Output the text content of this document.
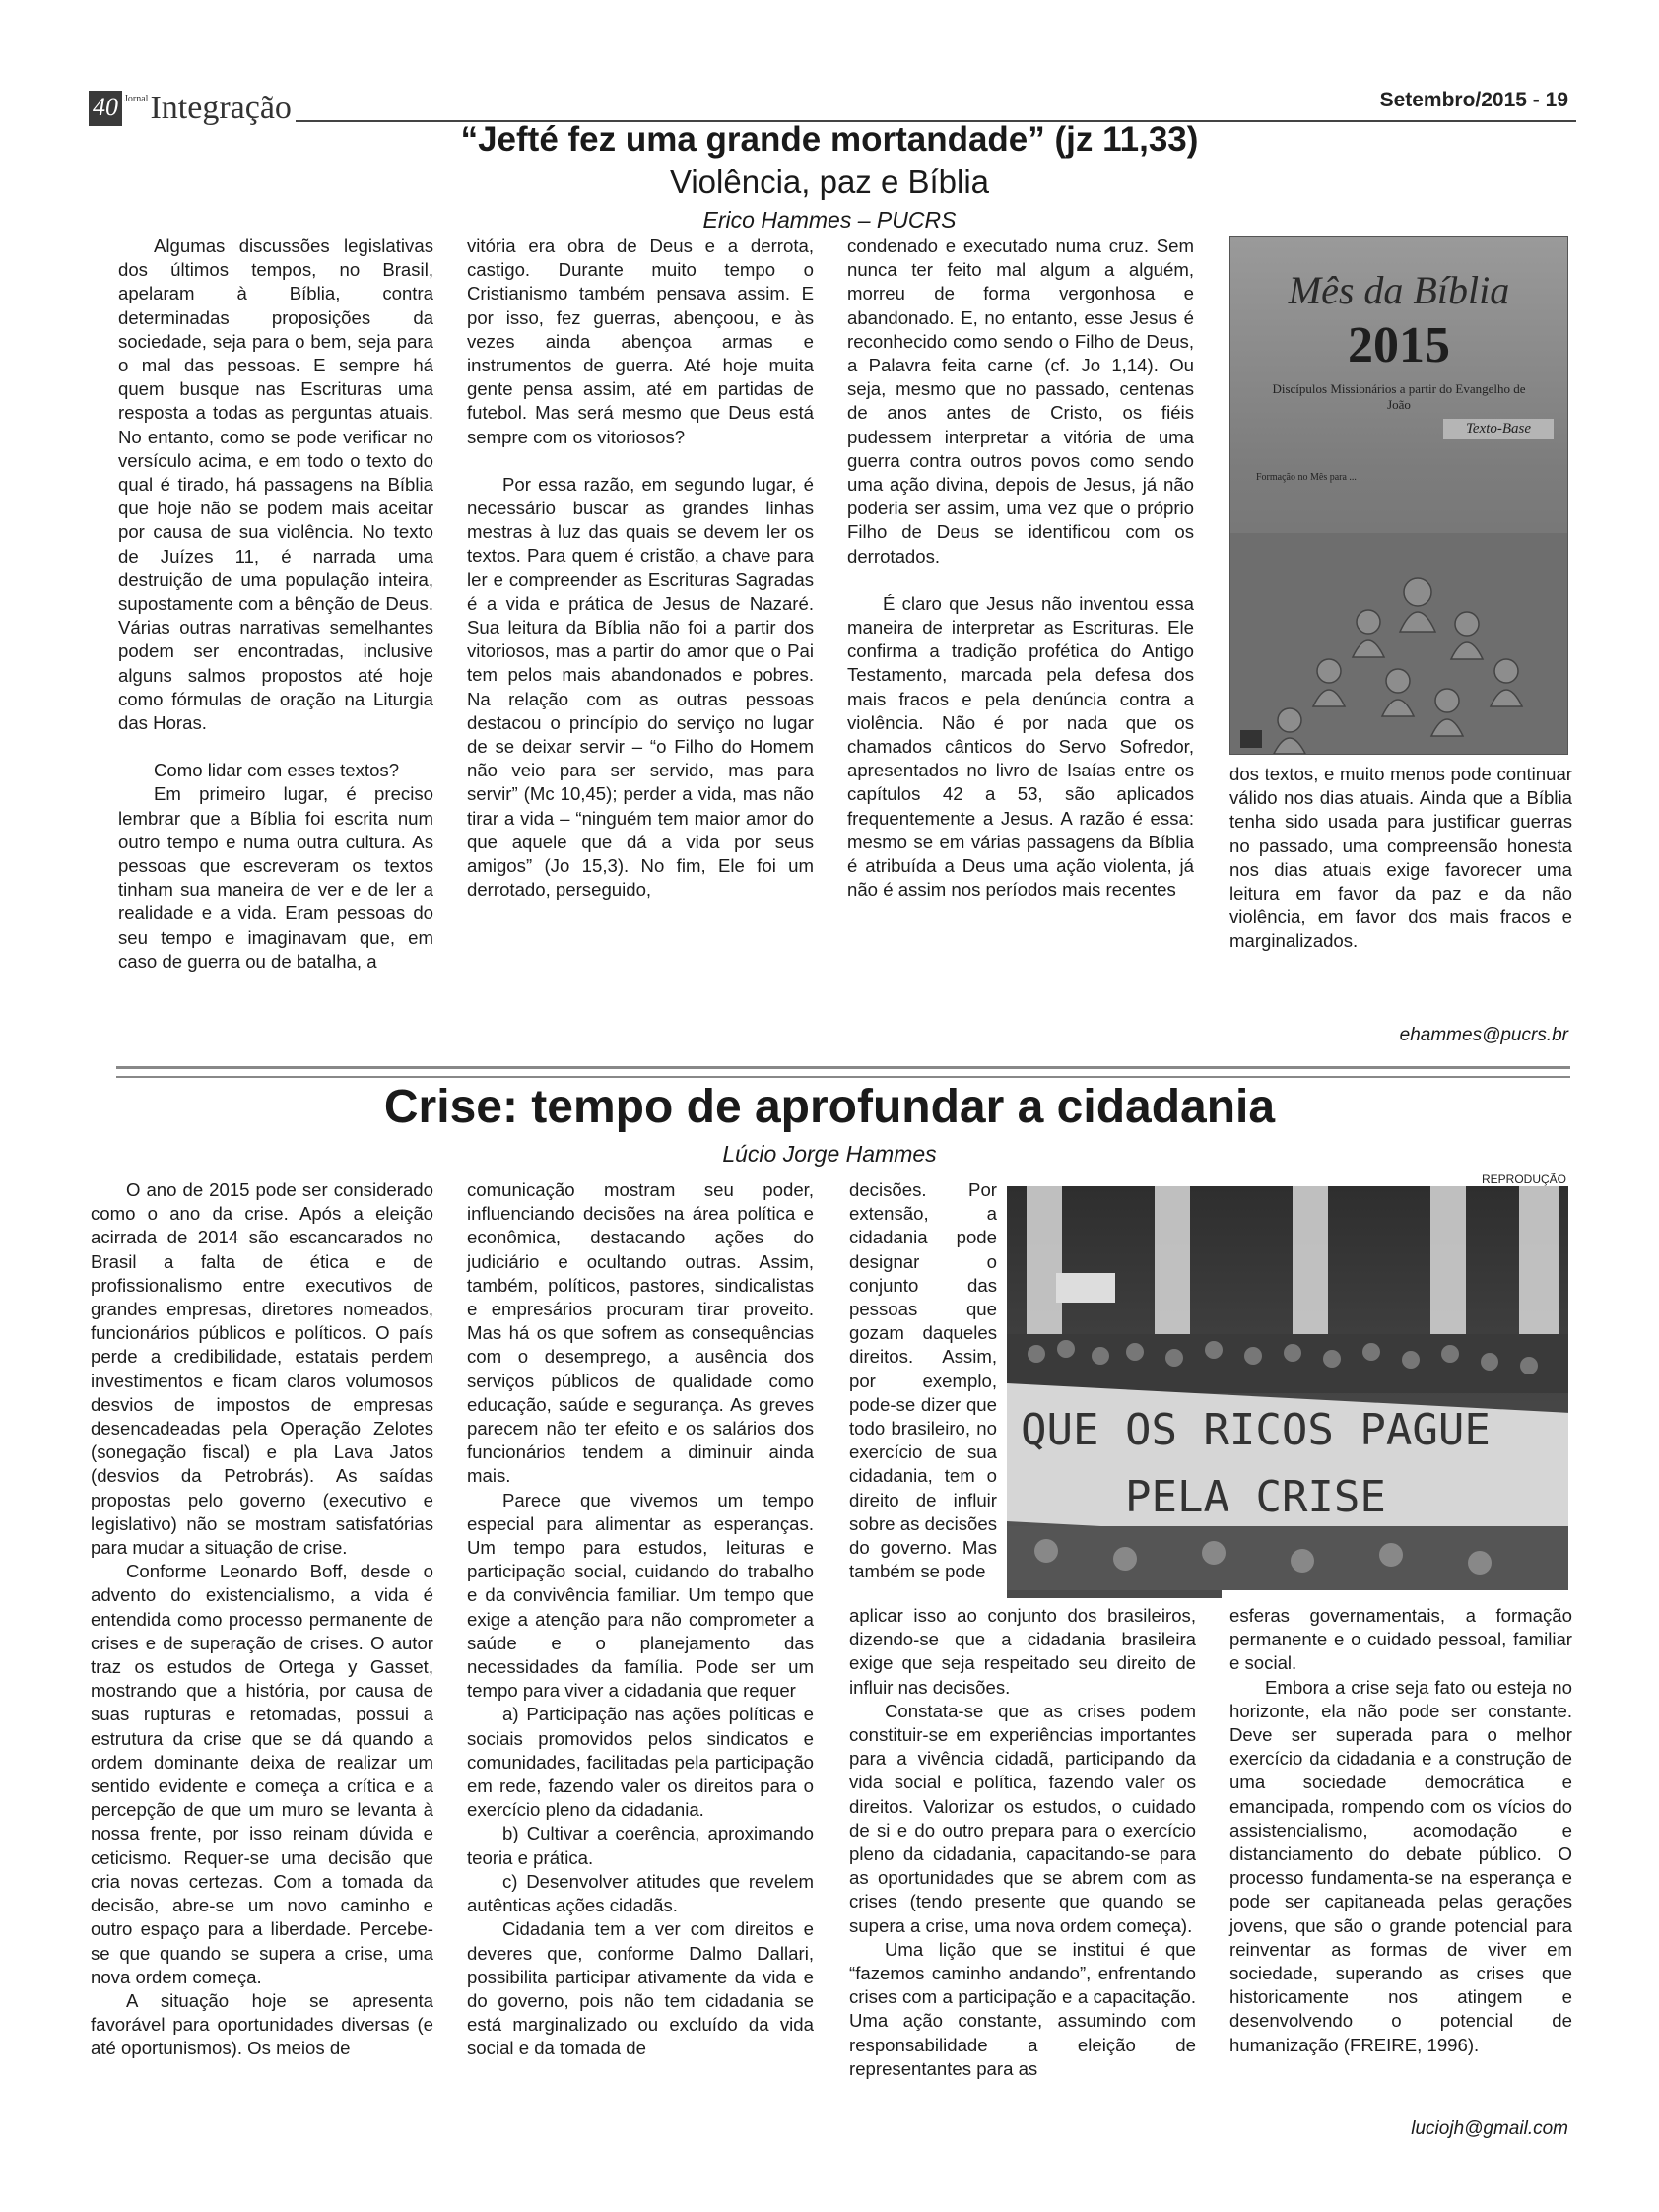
40 Jornal Integração	Setembro/2015 - 19
“Jefté fez uma grande mortandade” (jz 11,33)
Violência, paz e Bíblia
Erico Hammes – PUCRS

Algumas discussões legislativas dos últimos tempos, no Brasil, apelaram à Bíblia, contra determinadas proposições da sociedade, seja para o bem, seja para o mal das pessoas. E sempre há quem busque nas Escrituras uma resposta a todas as perguntas atuais. No entanto, como se pode verificar no versículo acima, e em todo o texto do qual é tirado, há passagens na Bíblia que hoje não se podem mais aceitar por causa de sua violência. No texto de Juízes 11, é narrada uma destruição de uma população inteira, supostamente com a bênção de Deus. Várias outras narrativas semelhantes podem ser encontradas, inclusive alguns salmos propostos até hoje como fórmulas de oração na Liturgia das Horas.

Como lidar com esses textos?

Em primeiro lugar, é preciso lembrar que a Bíblia foi escrita num outro tempo e numa outra cultura. As pessoas que escreveram os textos tinham sua maneira de ver e de ler a realidade e a vida. Eram pessoas do seu tempo e imaginavam que, em caso de guerra ou de batalha, a

vitória era obra de Deus e a derrota, castigo. Durante muito tempo o Cristianismo também pensava assim. E por isso, fez guerras, abençoou, e às vezes ainda abençoa armas e instrumentos de guerra. Até hoje muita gente pensa assim, até em partidas de futebol. Mas será mesmo que Deus está sempre com os vitoriosos?

Por essa razão, em segundo lugar, é necessário buscar as grandes linhas mestras à luz das quais se devem ler os textos. Para quem é cristão, a chave para ler e compreender as Escrituras Sagradas é a vida e prática de Jesus de Nazaré. Sua leitura da Bíblia não foi a partir dos vitoriosos, mas a partir do amor que o Pai tem pelos mais abandonados e pobres. Na relação com as outras pessoas destacou o princípio do serviço no lugar de se deixar servir – “o Filho do Homem não veio para ser servido, mas para servir” (Mc 10,45); perder a vida, mas não tirar a vida – “ninguém tem maior amor do que aquele que dá a vida por seus amigos” (Jo 15,3). No fim, Ele foi um derrotado, perseguido,

condenado e executado numa cruz. Sem nunca ter feito mal algum a alguém, morreu de forma vergonhosa e abandonado. E, no entanto, esse Jesus é reconhecido como sendo o Filho de Deus, a Palavra feita carne (cf. Jo 1,14). Ou seja, mesmo que no passado, centenas de anos antes de Cristo, os fiéis pudessem interpretar a vitória de uma guerra contra outros povos como sendo uma ação divina, depois de Jesus, já não poderia ser assim, uma vez que o próprio Filho de Deus se identificou com os derrotados.

É claro que Jesus não inventou essa maneira de interpretar as Escrituras. Ele confirma a tradição profética do Antigo Testamento, marcada pela defesa dos mais fracos e pela denúncia contra a violência. Não é por nada que os chamados cânticos do Servo Sofredor, apresentados no livro de Isaías entre os capítulos 42 a 53, são aplicados frequentemente a Jesus. A razão é essa: mesmo se em várias passagens da Bíblia é atribuída a Deus uma ação violenta, já não é assim nos períodos mais recentes

Mês da Bíblia
2015
Discípulos Missionários a partir do Evangelho de João
Texto-Base
Formação no Mês para ...

dos textos, e muito menos pode continuar válido nos dias atuais. Ainda que a Bíblia tenha sido usada para justificar guerras no passado, uma compreensão honesta nos dias atuais exige favorecer uma leitura em favor da paz e da não violência, em favor dos mais fracos e marginalizados.

ehammes@pucrs.br
Crise: tempo de aprofundar a cidadania
Lúcio Jorge Hammes

O ano de 2015 pode ser considerado como o ano da crise. Após a eleição acirrada de 2014 são escancarados no Brasil a falta de ética e de profissionalismo entre executivos de grandes empresas, diretores nomeados, funcionários públicos e políticos. O país perde a credibilidade, estatais perdem investimentos e ficam claros volumosos desvios de impostos de empresas desencadeadas pela Operação Zelotes (sonegação fiscal) e pla Lava Jatos (desvios da Petrobrás). As saídas propostas pelo governo (executivo e legislativo) não se mostram satisfatórias para mudar a situação de crise.

Conforme Leonardo Boff, desde o advento do existencialismo, a vida é entendida como processo permanente de crises e de superação de crises. O autor traz os estudos de Ortega y Gasset, mostrando que a história, por causa de suas rupturas e retomadas, possui a estrutura da crise que se dá quando a ordem dominante deixa de realizar um sentido evidente e começa a crítica e a percepção de que um muro se levanta à nossa frente, por isso reinam dúvida e ceticismo. Requer-se uma decisão que cria novas certezas. Com a tomada da decisão, abre-se um novo caminho e outro espaço para a liberdade. Percebe-se que quando se supera a crise, uma nova ordem começa.

A situação hoje se apresenta favorável para oportunidades diversas (e até oportunismos). Os meios de

comunicação mostram seu poder, influenciando decisões na área política e econômica, destacando ações do judiciário e ocultando outras. Assim, também, políticos, pastores, sindicalistas e empresários procuram tirar proveito. Mas há os que sofrem as consequências com o desemprego, a ausência dos serviços públicos de qualidade como educação, saúde e segurança. As greves parecem não ter efeito e os salários dos funcionários tendem a diminuir ainda mais.

Parece que vivemos um tempo especial para alimentar as esperanças. Um tempo para estudos, leituras e participação social, cuidando do trabalho e da convivência familiar. Um tempo que exige a atenção para não comprometer a saúde e o planejamento das necessidades da família. Pode ser um tempo para viver a cidadania que requer

a) Participação nas ações políticas e sociais promovidos pelos sindicatos e comunidades, facilitadas pela participação em rede, fazendo valer os direitos para o exercício pleno da cidadania.

b) Cultivar a coerência, aproximando teoria e prática.

c) Desenvolver atitudes que revelem autênticas ações cidadãs.

Cidadania tem a ver com direitos e deveres que, conforme Dalmo Dallari, possibilita participar ativamente da vida e do governo, pois não tem cidadania se está marginalizado ou excluído da vida social e da tomada de

decisões. Por extensão, a cidadania pode designar o conjunto das pessoas que gozam daqueles direitos. Assim, por exemplo, pode-se dizer que todo brasileiro, no exercício de sua cidadania, tem o direito de influir sobre as decisões do governo. Mas também se pode

REPRODUÇÃO
QUE OS RICOS PAGUE
PELA CRISE

aplicar isso ao conjunto dos brasileiros, dizendo-se que a cidadania brasileira exige que seja respeitado seu direito de influir nas decisões.

Constata-se que as crises podem constituir-se em experiências importantes para a vivência cidadã, participando da vida social e política, fazendo valer os direitos. Valorizar os estudos, o cuidado de si e do outro prepara para o exercício pleno da cidadania, capacitando-se para as oportunidades que se abrem com as crises (tendo presente que quando se supera a crise, uma nova ordem começa).

Uma lição que se institui é que “fazemos caminho andando”, enfrentando crises com a participação e a capacitação. Uma ação constante, assumindo com responsabilidade a eleição de representantes para as

esferas governamentais, a formação permanente e o cuidado pessoal, familiar e social.

Embora a crise seja fato ou esteja no horizonte, ela não pode ser constante. Deve ser superada para o melhor exercício da cidadania e a construção de uma sociedade democrática e emancipada, rompendo com os vícios do assistencialismo, acomodação e distanciamento do debate público. O processo fundamenta-se na esperança e pode ser capitaneada pelas gerações jovens, que são o grande potencial para reinventar as formas de viver em sociedade, superando as crises que historicamente nos atingem e desenvolvendo o potencial de humanização (FREIRE, 1996).

luciojh@gmail.com
